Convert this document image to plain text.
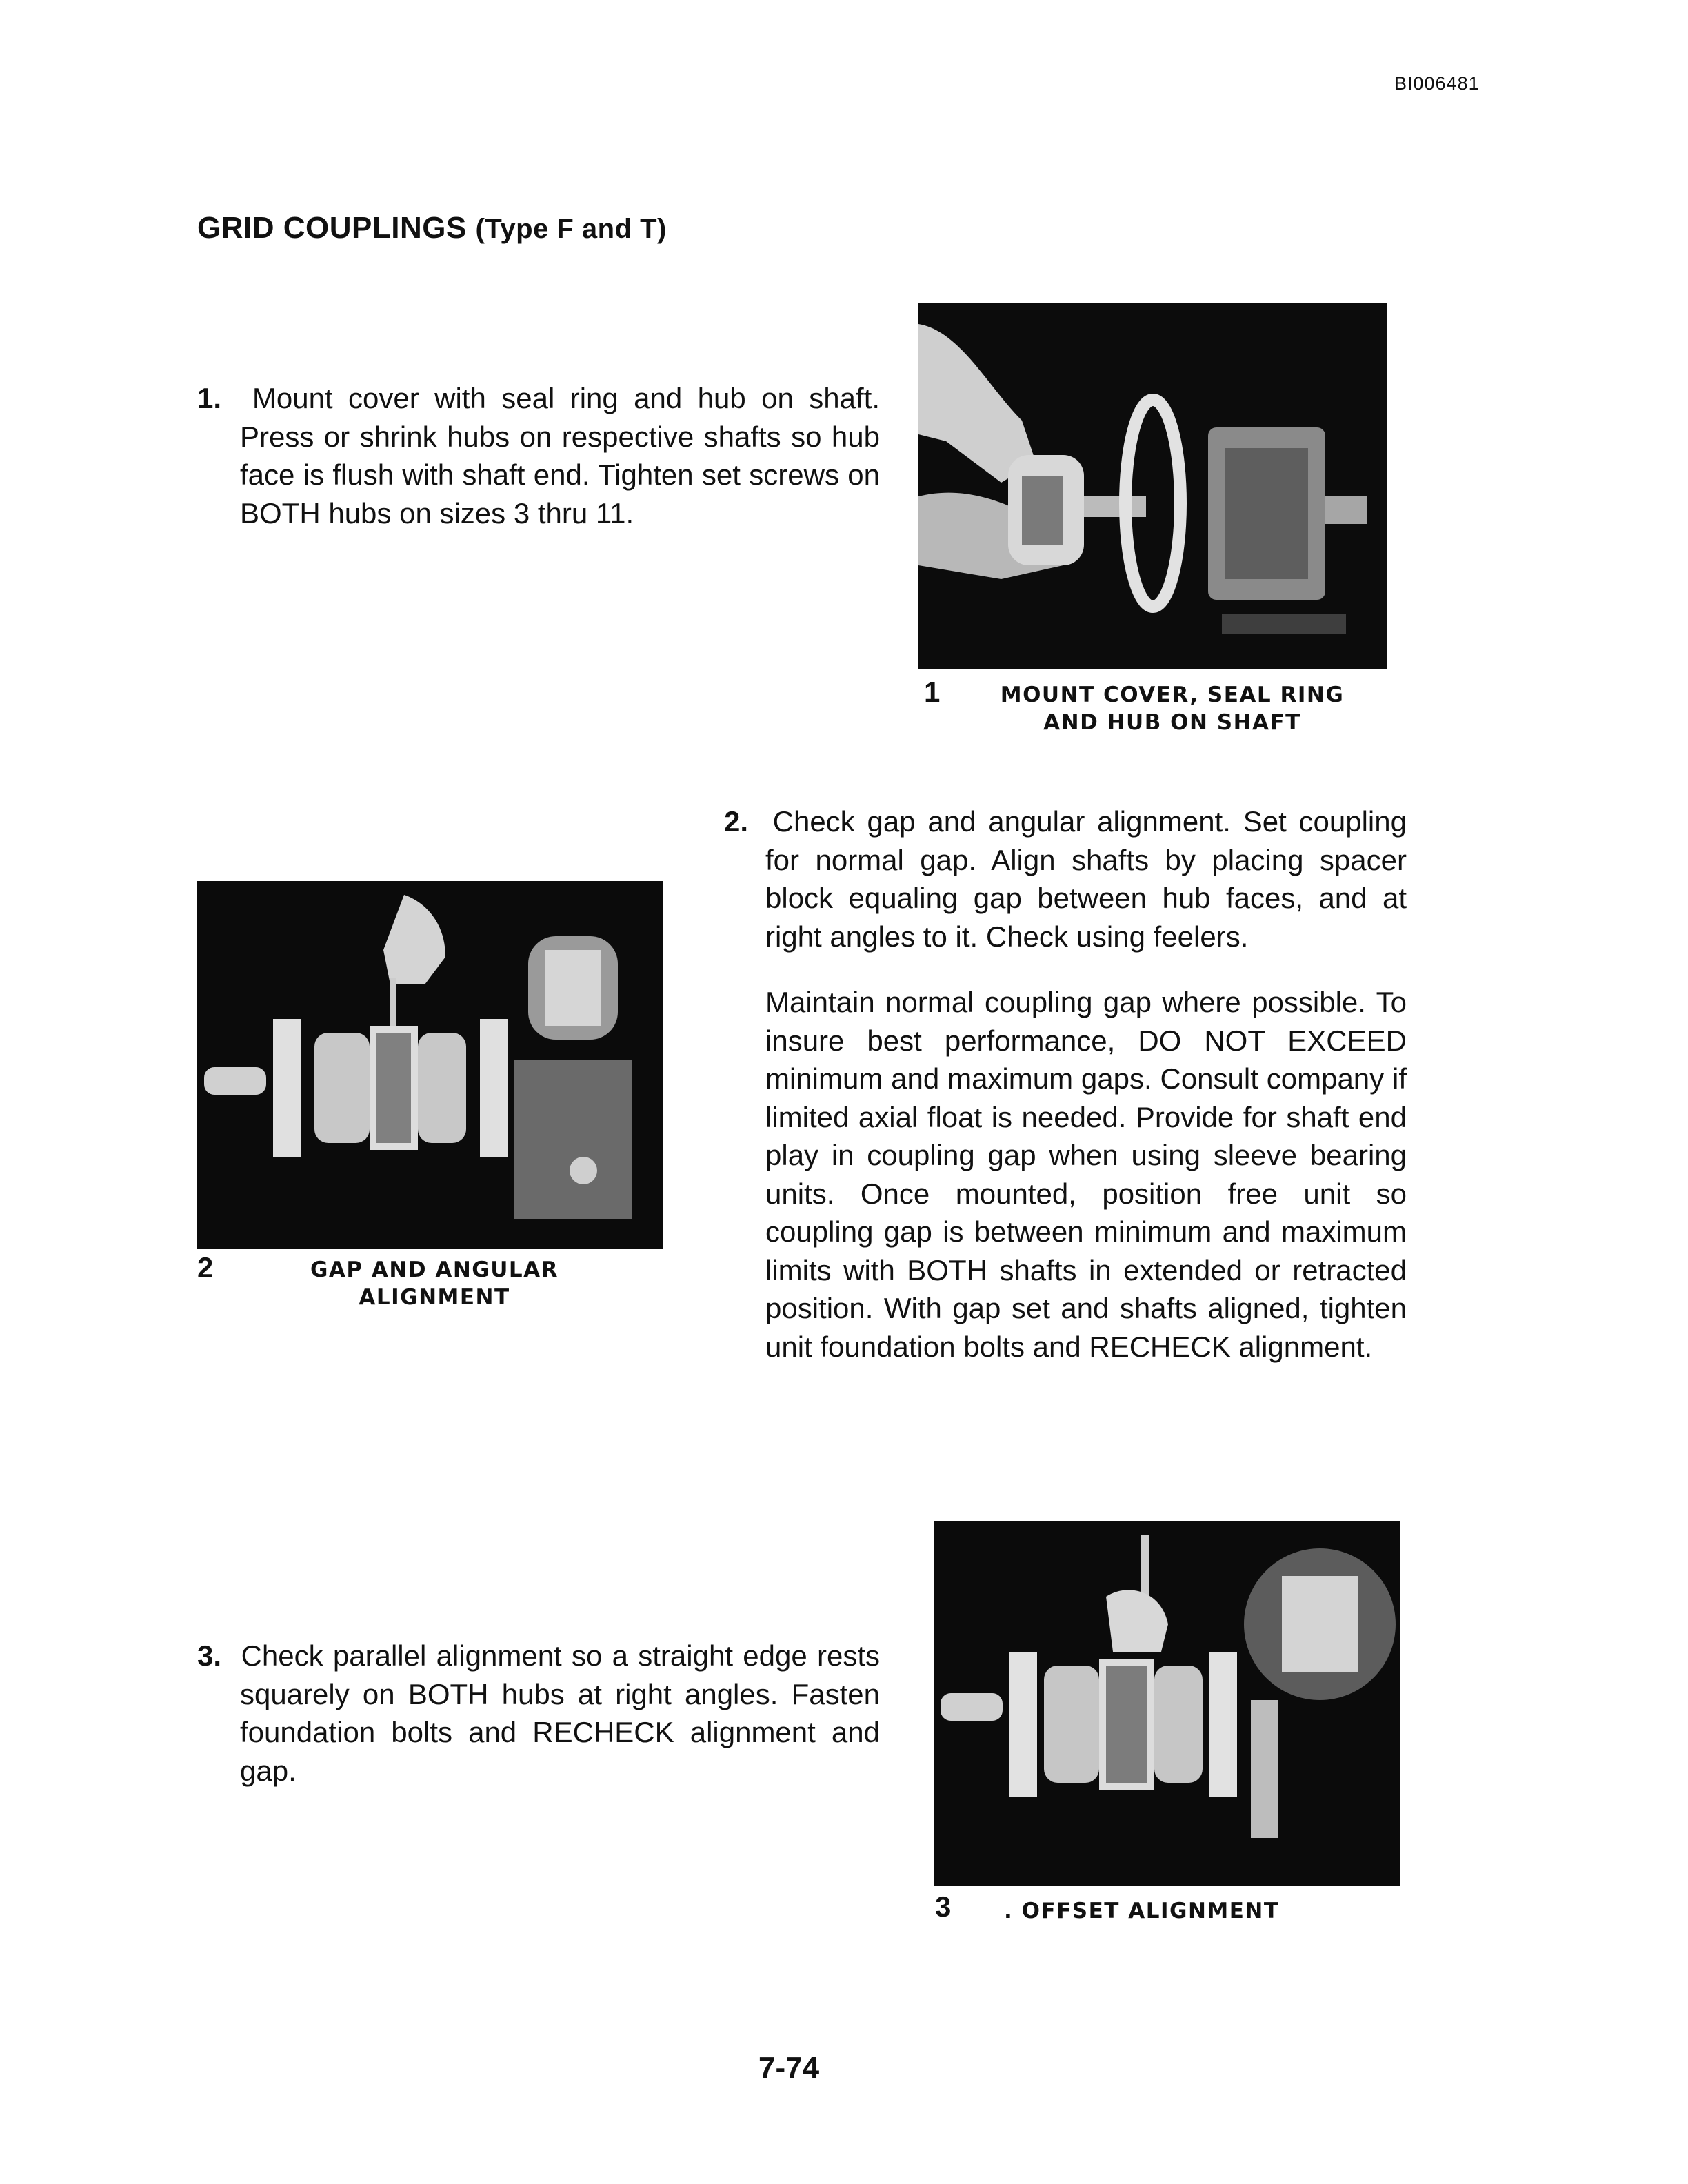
BI006481
GRID COUPLINGS (Type F and T)

1. Mount cover with seal ring and hub on shaft. Press or shrink hubs on respective shafts so hub face is flush with shaft end. Tighten set screws on BOTH hubs on sizes 3 thru 11.

1	MOUNT COVER, SEAL RING
AND HUB ON SHAFT

2. Check gap and angular alignment. Set coupling for normal gap. Align shafts by placing spacer block equaling gap between hub faces, and at right angles to it. Check using feelers.

Maintain normal coupling gap where possible. To insure best performance, DO NOT EXCEED minimum and maximum gaps. Consult company if limited axial float is needed. Provide for shaft end play in coupling gap when using sleeve bearing units. Once mounted, position free unit so coupling gap is between minimum and maximum limits with BOTH shafts in extended or retracted position. With gap set and shafts aligned, tighten unit foundation bolts and RECHECK alignment.

2	GAP AND ANGULAR
ALIGNMENT

3. Check parallel alignment so a straight edge rests squarely on BOTH hubs at right angles. Fasten foundation bolts and RECHECK alignment and gap.

3 . OFFSET ALIGNMENT
7-74
